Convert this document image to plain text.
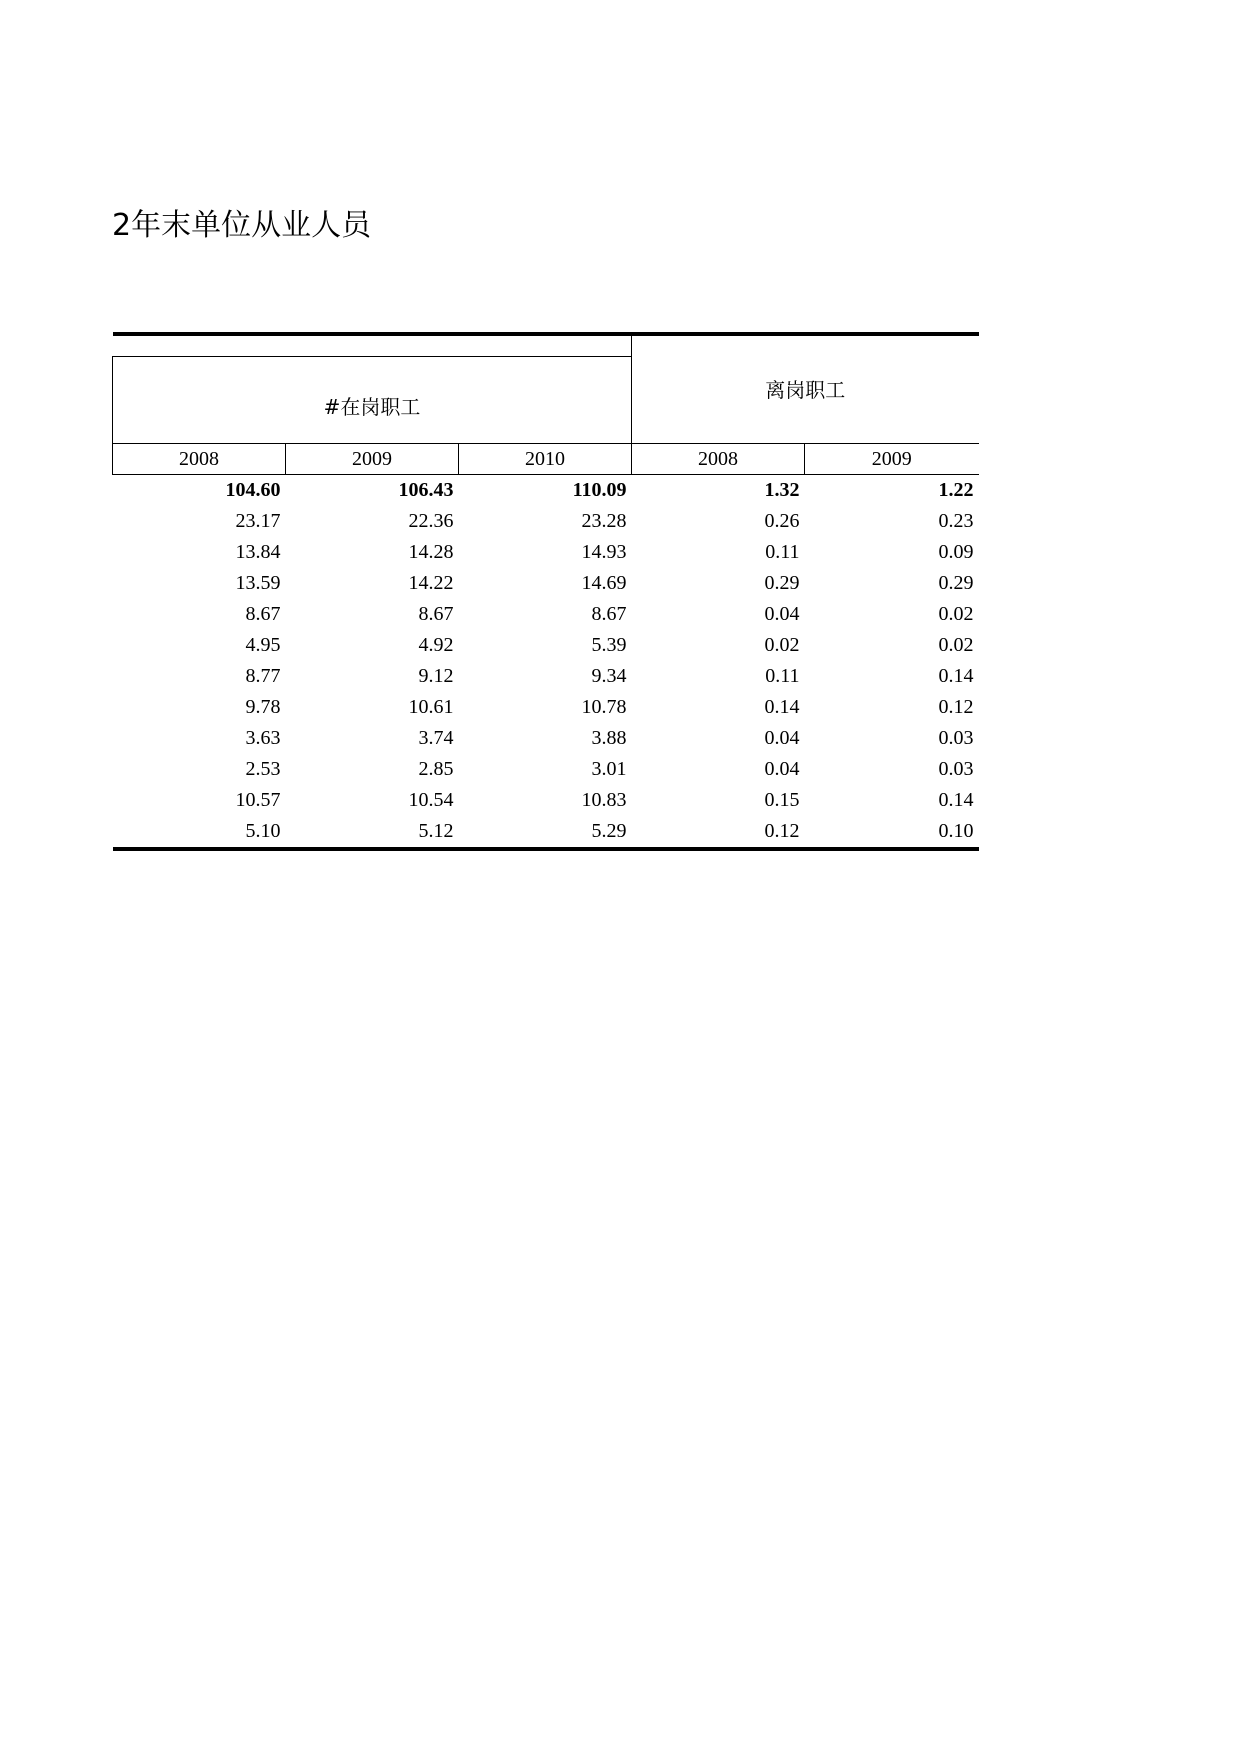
2年末单位从业人员
			离岗职工	
#在岗职工				
2008	2009	2010	2008	2009
104.60	106.43	110.09	1.32	1.22
23.17	22.36	23.28	0.26	0.23
13.84	14.28	14.93	0.11	0.09
13.59	14.22	14.69	0.29	0.29
8.67	8.67	8.67	0.04	0.02
4.95	4.92	5.39	0.02	0.02
8.77	9.12	9.34	0.11	0.14
9.78	10.61	10.78	0.14	0.12
3.63	3.74	3.88	0.04	0.03
2.53	2.85	3.01	0.04	0.03
10.57	10.54	10.83	0.15	0.14
5.10	5.12	5.29	0.12	0.10
